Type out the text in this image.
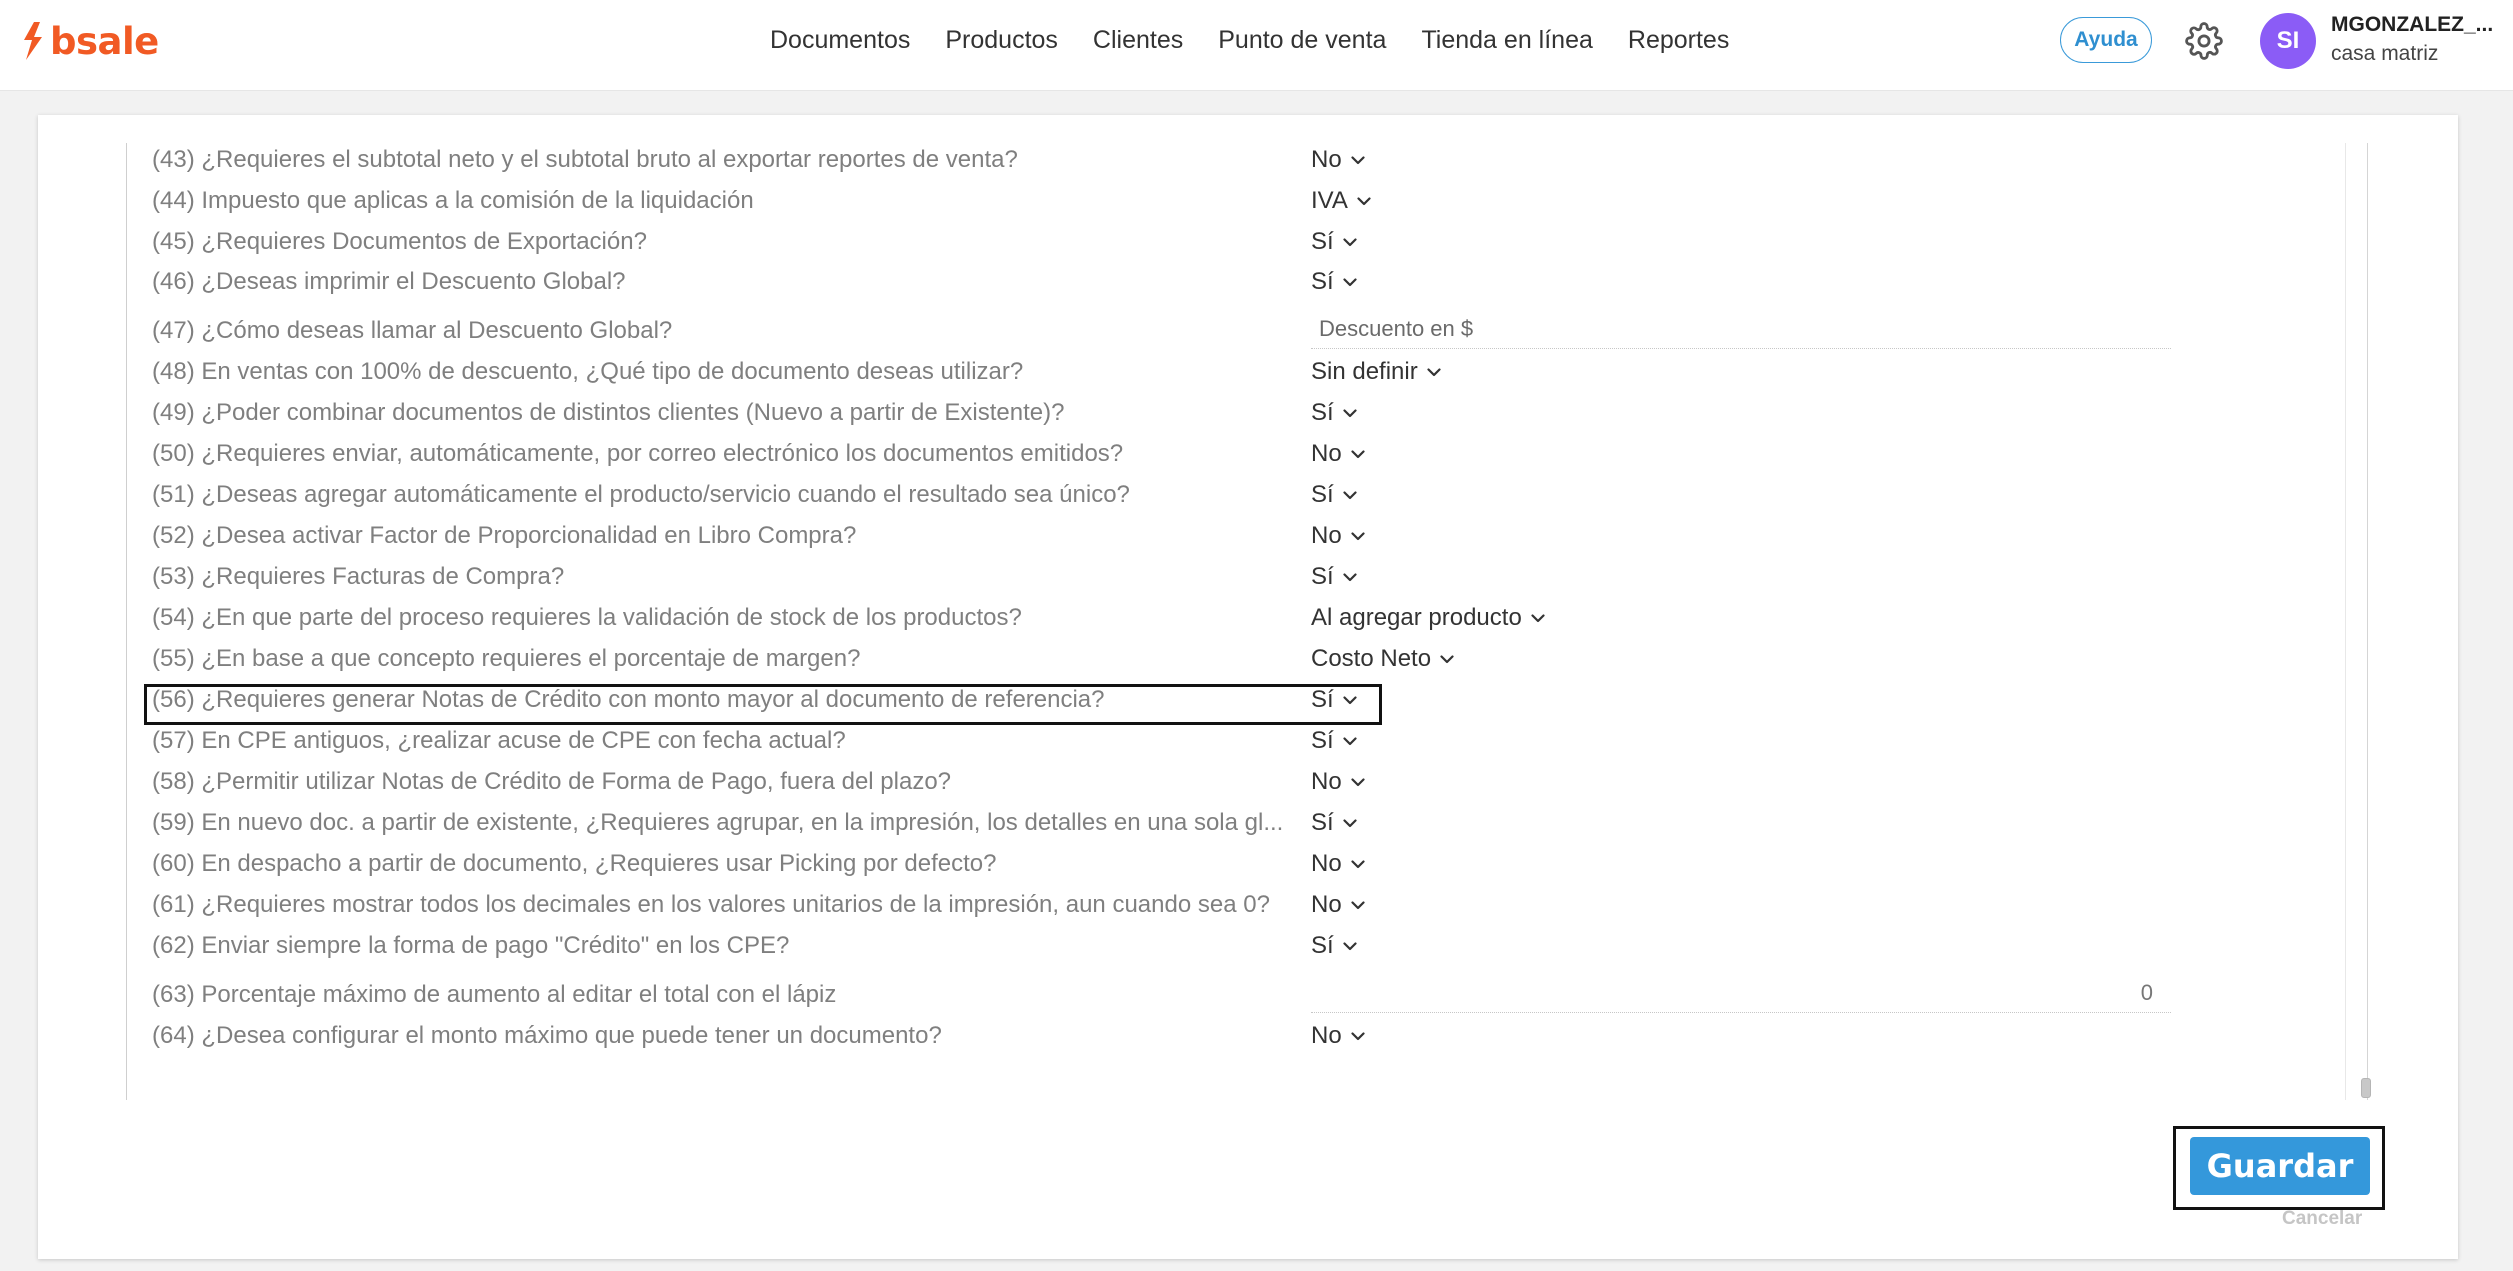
bsale	Documentos Productos Clientes Punto de venta Tienda en línea Reportes	Ayuda	SI
MGONZALEZ_...
casa matriz
(43) ¿Requieres el subtotal neto y el subtotal bruto al exportar reportes de venta?	No
(44) Impuesto que aplicas a la comisión de la liquidación	IVA
(45) ¿Requieres Documentos de Exportación?	Sí
(46) ¿Deseas imprimir el Descuento Global?	Sí
(47) ¿Cómo deseas llamar al Descuento Global?
Descuento en $
(48) En ventas con 100% de descuento, ¿Qué tipo de documento deseas utilizar?	Sin definir
(49) ¿Poder combinar documentos de distintos clientes (Nuevo a partir de Existente)?	Sí
(50) ¿Requieres enviar, automáticamente, por correo electrónico los documentos emitidos?	No
(51) ¿Deseas agregar automáticamente el producto/servicio cuando el resultado sea único?	Sí
(52) ¿Desea activar Factor de Proporcionalidad en Libro Compra?	No
(53) ¿Requieres Facturas de Compra?	Sí
(54) ¿En que parte del proceso requieres la validación de stock de los productos?	Al agregar producto
(55) ¿En base a que concepto requieres el porcentaje de margen?	Costo Neto
(56) ¿Requieres generar Notas de Crédito con monto mayor al documento de referencia?	Sí
(57) En CPE antiguos, ¿realizar acuse de CPE con fecha actual?	Sí
(58) ¿Permitir utilizar Notas de Crédito de Forma de Pago, fuera del plazo?	No
(59) En nuevo doc. a partir de existente, ¿Requieres agrupar, en la impresión, los detalles en una sola gl...	Sí
(60) En despacho a partir de documento, ¿Requieres usar Picking por defecto?	No
(61) ¿Requieres mostrar todos los decimales en los valores unitarios de la impresión, aun cuando sea 0?	No
(62) Enviar siempre la forma de pago "Crédito" en los CPE?	Sí
(63) Porcentaje máximo de aumento al editar el total con el lápiz
0
(64) ¿Desea configurar el monto máximo que puede tener un documento?	No
Guardar
Cancelar
